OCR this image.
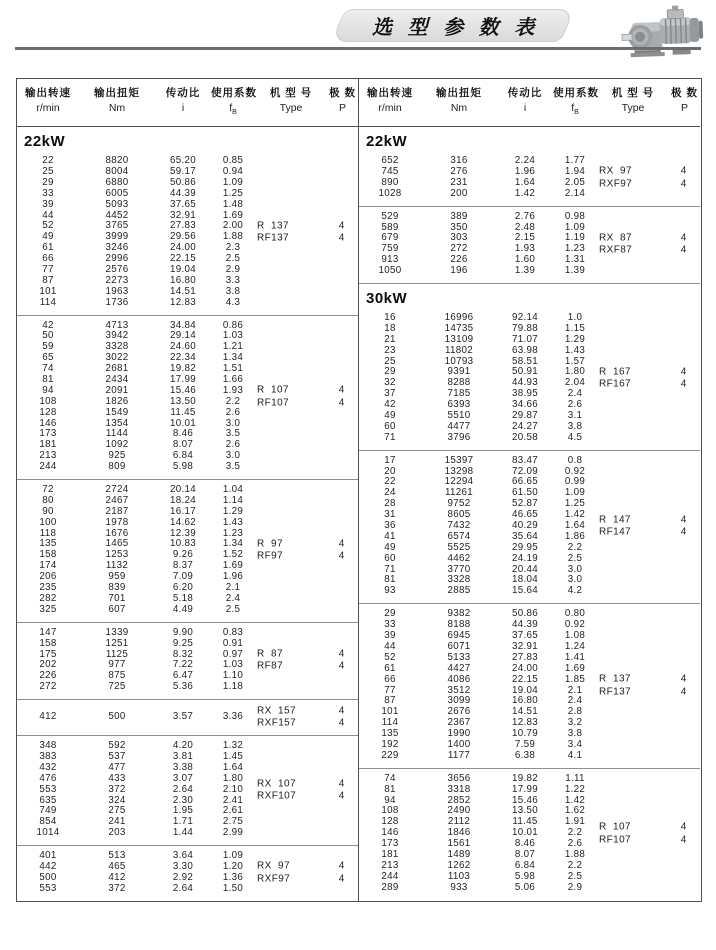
选 型 参 数 表
输出转速
r/min
输出扭矩
Nm
传动比
i
使用系数
$f_B$
机 型 号
Type
极 数
P
22kW
22	8820	65.20	0.85
25	8004	59.17	0.94
29	6880	50.86	1.09
33	6005	44.39	1.25
39	5093	37.65	1.48
44	4452	32.91	1.69
52	3765	27.83	2.00
49	3999	29.56	1.88
61	3246	24.00	2.3
66	2996	22.15	2.5
77	2576	19.04	2.9
87	2273	16.80	3.3
101	1963	14.51	3.8
114	1736	12.83	4.3
R  137	4
RF137	4
42	4713	34.84	0.86
50	3942	29.14	1.03
59	3328	24.60	1.21
65	3022	22.34	1.34
74	2681	19.82	1.51
81	2434	17.99	1.66
94	2091	15.46	1.93
108	1826	13.50	2.2
128	1549	11.45	2.6
146	1354	10.01	3.0
173	1144	8.46	3.5
181	1092	8.07	2.6
213	925	6.84	3.0
244	809	5.98	3.5
R  107	4
RF107	4
72	2724	20.14	1.04
80	2467	18.24	1.14
90	2187	16.17	1.29
100	1978	14.62	1.43
118	1676	12.39	1.23
135	1465	10.83	1.34
158	1253	9.26	1.52
174	1132	8.37	1.69
206	959	7.09	1.96
235	839	6.20	2.1
282	701	5.18	2.4
325	607	4.49	2.5
R  97	4
RF97	4
147	1339	9.90	0.83
158	1251	9.25	0.91
175	1125	8.32	0.97
202	977	7.22	1.03
226	875	6.47	1.10
272	725	5.36	1.18
R  87	4
RF87	4
412	500	3.57	3.36
RX  157	4
RXF157	4
348	592	4.20	1.32
383	537	3.81	1.45
432	477	3.38	1.64
476	433	3.07	1.80
553	372	2.64	2.10
635	324	2.30	2.41
749	275	1.95	2.61
854	241	1.71	2.75
1014	203	1.44	2.99
RX  107	4
RXF107	4
401	513	3.64	1.09
442	465	3.30	1.20
500	412	2.92	1.36
553	372	2.64	1.50
RX  97	4
RXF97	4
输出转速
r/min
输出扭矩
Nm
传动比
i
使用系数
$f_B$
机 型 号
Type
极 数
P
22kW
652	316	2.24	1.77
745	276	1.96	1.94
890	231	1.64	2.05
1028	200	1.42	2.14
RX  97	4
RXF97	4
529	389	2.76	0.98
589	350	2.48	1.09
679	303	2.15	1.19
759	272	1.93	1.23
913	226	1.60	1.31
1050	196	1.39	1.39
RX  87	4
RXF87	4
30kW
16	16996	92.14	1.0
18	14735	79.88	1.15
21	13109	71.07	1.29
23	11802	63.98	1.43
25	10793	58.51	1.57
29	9391	50.91	1.80
32	8288	44.93	2.04
37	7185	38.95	2.4
42	6393	34.66	2.6
49	5510	29.87	3.1
60	4477	24.27	3.8
71	3796	20.58	4.5
R  167	4
RF167	4
17	15397	83.47	0.8
20	13298	72.09	0.92
22	12294	66.65	0.99
24	11261	61.50	1.09
28	9752	52.87	1.25
31	8605	46.65	1.42
36	7432	40.29	1.64
41	6574	35.64	1.86
49	5525	29.95	2.2
60	4462	24.19	2.5
71	3770	20.44	3.0
81	3328	18.04	3.0
93	2885	15.64	4.2
R  147	4
RF147	4
29	9382	50.86	0.80
33	8188	44.39	0.92
39	6945	37.65	1.08
44	6071	32.91	1.24
52	5133	27.83	1.41
61	4427	24.00	1.69
66	4086	22.15	1.85
77	3512	19.04	2.1
87	3099	16.80	2.4
101	2676	14.51	2.8
114	2367	12.83	3.2
135	1990	10.79	3.8
192	1400	7.59	3.4
229	1177	6.38	4.1
R  137	4
RF137	4
74	3656	19.82	1.11
81	3318	17.99	1.22
94	2852	15.46	1.42
108	2490	13.50	1.62
128	2112	11.45	1.91
146	1846	10.01	2.2
173	1561	8.46	2.6
181	1489	8.07	1.88
213	1262	6.84	2.2
244	1103	5.98	2.5
289	933	5.06	2.9
R  107	4
RF107	4
